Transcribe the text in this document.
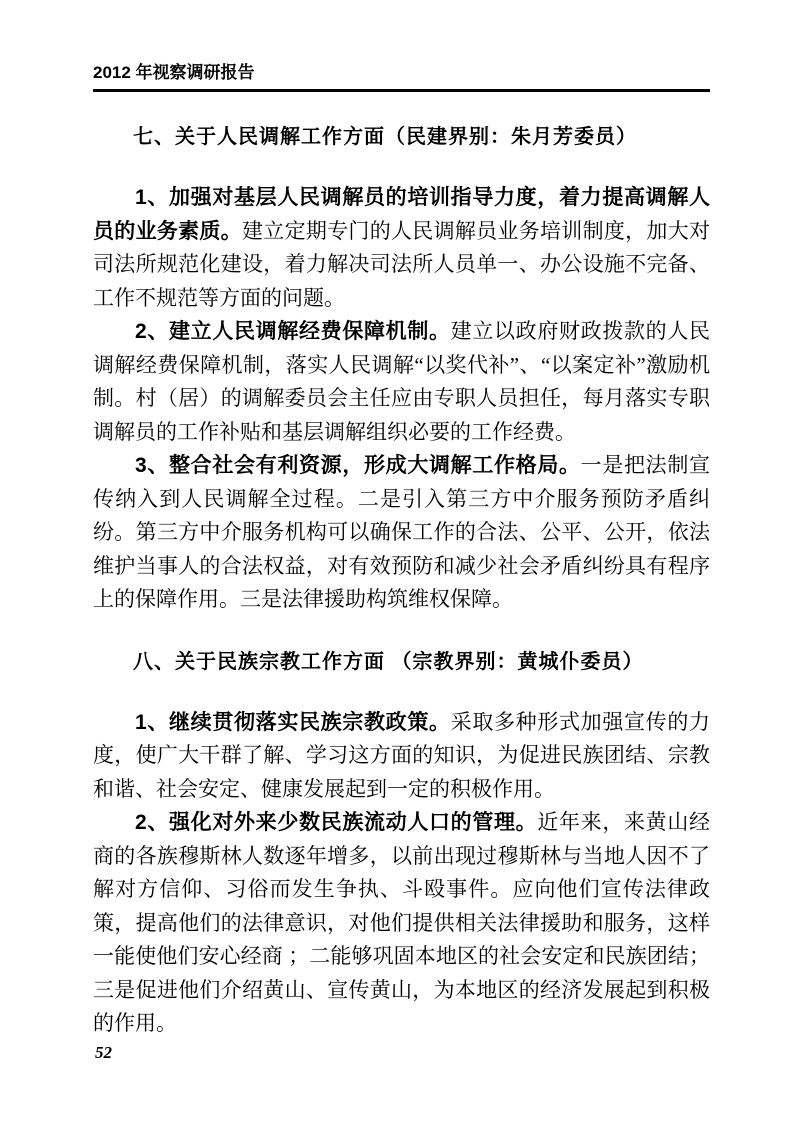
2012 年视察调研报告
七、关于人民调解工作方面（民建界别：朱月芳委员）

1、加强对基层人民调解员的培训指导力度，着力提高调解人员的业务素质。建立定期专门的人民调解员业务培训制度，加大对司法所规范化建设，着力解决司法所人员单一、办公设施不完备、工作不规范等方面的问题。

2、建立人民调解经费保障机制。建立以政府财政拨款的人民调解经费保障机制，落实人民调解“以奖代补”、“以案定补”激励机制。村（居）的调解委员会主任应由专职人员担任，每月落实专职调解员的工作补贴和基层调解组织必要的工作经费。

3、整合社会有利资源，形成大调解工作格局。一是把法制宣传纳入到人民调解全过程。二是引入第三方中介服务预防矛盾纠纷。第三方中介服务机构可以确保工作的合法、公平、公开，依法维护当事人的合法权益，对有效预防和减少社会矛盾纠纷具有程序上的保障作用。三是法律援助构筑维权保障。

八、关于民族宗教工作方面 （宗教界别：黄城仆委员）

1、继续贯彻落实民族宗教政策。采取多种形式加强宣传的力度，使广大干群了解、学习这方面的知识，为促进民族团结、宗教和谐、社会安定、健康发展起到一定的积极作用。

2、强化对外来少数民族流动人口的管理。近年来，来黄山经商的各族穆斯林人数逐年增多，以前出现过穆斯林与当地人因不了解对方信仰、习俗而发生争执、斗殴事件。应向他们宣传法律政策，提高他们的法律意识，对他们提供相关法律援助和服务，这样一能使他们安心经商 ；二能够巩固本地区的社会安定和民族团结；三是促进他们介绍黄山、宣传黄山，为本地区的经济发展起到积极的作用。

52
